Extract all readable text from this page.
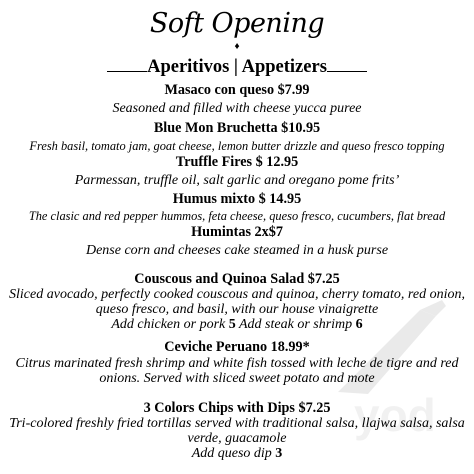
Soft Opening
♦
Aperitivos | Appetizers
Masaco con queso $7.99
Seasoned and filled with cheese yucca puree
Blue Mon Bruchetta $10.95
Fresh basil, tomato jam, goat cheese, lemon butter drizzle and queso fresco topping
Truffle Fires $ 12.95
Parmessan, truffle oil, salt garlic and oregano pome frits’
Humus mixto $ 14.95
The clasic and red pepper hummos, feta cheese, queso fresco, cucumbers, flat bread
Humintas 2x$7
Dense corn and cheeses cake steamed in a husk purse
Couscous and Quinoa Salad $7.25
Sliced avocado, perfectly cooked couscous and quinoa, cherry tomato, red onion,
queso fresco, and basil, with our house vinaigrette
Add chicken or pork 5 Add steak or shrimp 6
Ceviche Peruano 18.99*
Citrus marinated fresh shrimp and white fish tossed with leche de tigre and red
onions. Served with sliced sweet potato and mote
3 Colors Chips with Dips $7.25
Tri-colored freshly fried tortillas served with traditional salsa, llajwa salsa, salsa
verde, guacamole
Add queso dip 3
yod
